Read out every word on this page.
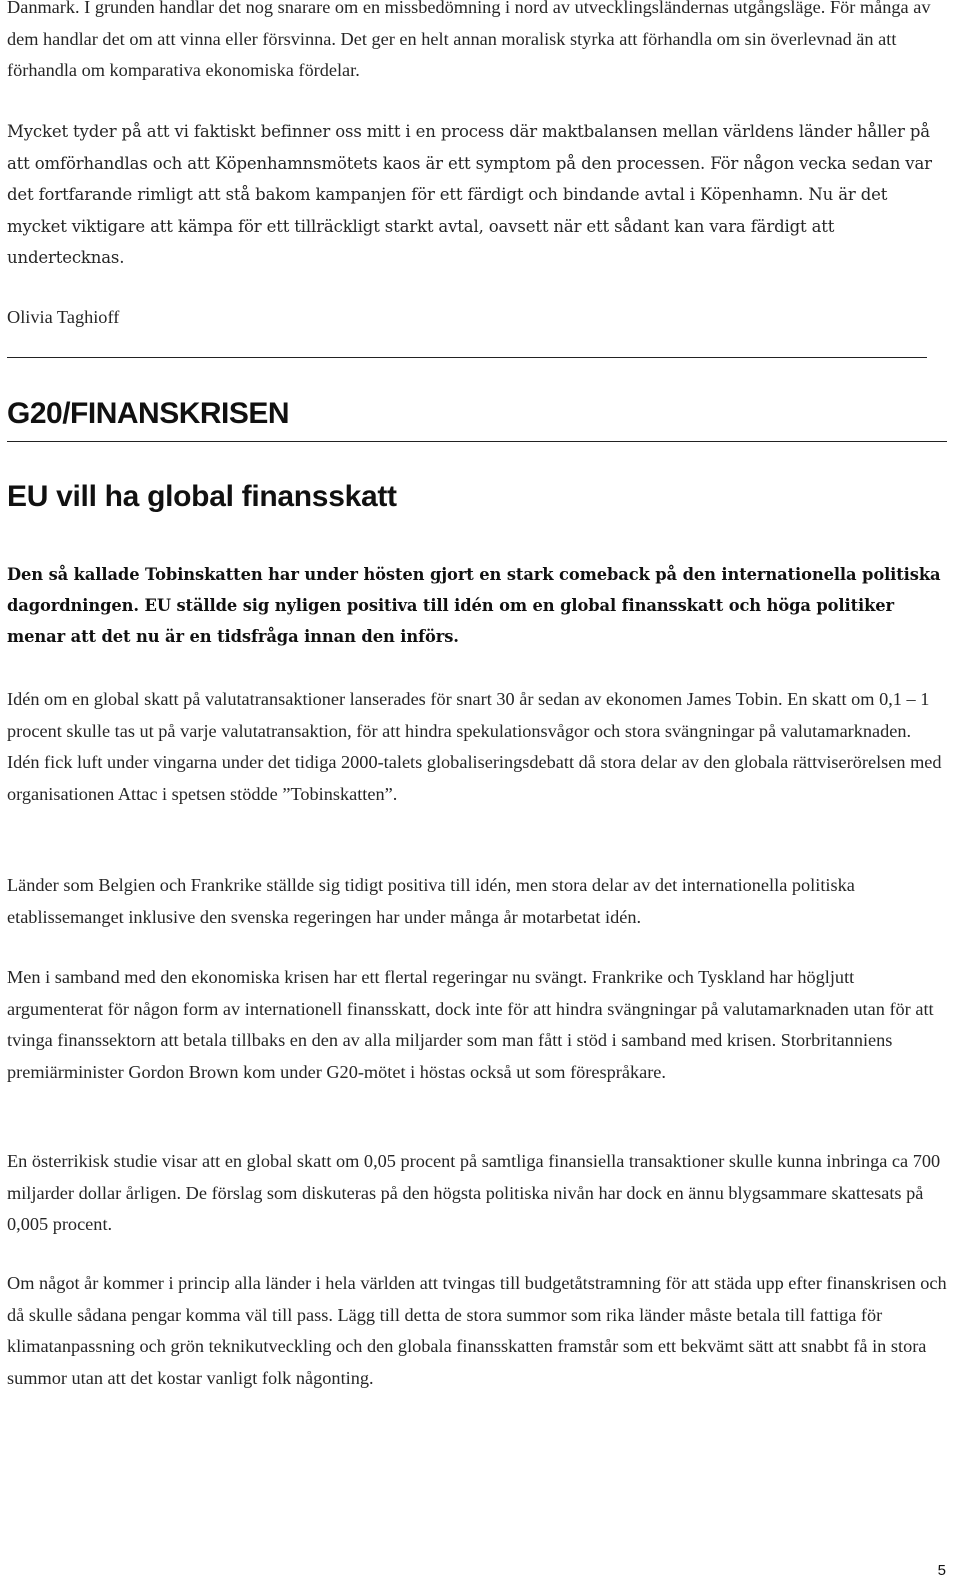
Danmark. I grunden handlar det nog snarare om en missbedömning i nord av utvecklingsländernas utgångsläge. För många av dem handlar det om att vinna eller försvinna. Det ger en helt annan moralisk styrka att förhandla om sin överlevnad än att förhandla om komparativa ekonomiska fördelar.

Mycket tyder på att vi faktiskt befinner oss mitt i en process där maktbalansen mellan världens länder håller på att omförhandlas och att Köpenhamnsmötets kaos är ett symptom på den processen. För någon vecka sedan var det fortfarande rimligt att stå bakom kampanjen för ett färdigt och bindande avtal i Köpenhamn. Nu är det mycket viktigare att kämpa för ett tillräckligt starkt avtal, oavsett när ett sådant kan vara färdigt att undertecknas.

Olivia Taghioff

G20/FINANSKRISEN
EU vill ha global finansskatt

Den så kallade Tobinskatten har under hösten gjort en stark comeback på den internationella politiska dagordningen. EU ställde sig nyligen positiva till idén om en global finansskatt och höga politiker menar att det nu är en tidsfråga innan den införs.

Idén om en global skatt på valutatransaktioner lanserades för snart 30 år sedan av ekonomen James Tobin. En skatt om 0,1 – 1 procent skulle tas ut på varje valutatransaktion, för att hindra spekulationsvågor och stora svängningar på valutamarknaden. Idén fick luft under vingarna under det tidiga 2000-talets globaliseringsdebatt då stora delar av den globala rättviserörelsen med organisationen Attac i spetsen stödde ”Tobinskatten”.

Länder som Belgien och Frankrike ställde sig tidigt positiva till idén, men stora delar av det internationella politiska etablissemanget inklusive den svenska regeringen har under många år motarbetat idén.

Men i samband med den ekonomiska krisen har ett flertal regeringar nu svängt. Frankrike och Tyskland har högljutt argumenterat för någon form av internationell finansskatt, dock inte för att hindra svängningar på valutamarknaden utan för att tvinga finanssektorn att betala tillbaks en den av alla miljarder som man fått i stöd i samband med krisen. Storbritanniens premiärminister Gordon Brown kom under G20-mötet i höstas också ut som förespråkare.

En österrikisk studie visar att en global skatt om 0,05 procent på samtliga finansiella transaktioner skulle kunna inbringa ca 700 miljarder dollar årligen. De förslag som diskuteras på den högsta politiska nivån har dock en ännu blygsammare skattesats på 0,005 procent.

Om något år kommer i princip alla länder i hela världen att tvingas till budgetåtstramning för att städa upp efter finanskrisen och då skulle sådana pengar komma väl till pass. Lägg till detta de stora summor som rika länder måste betala till fattiga för klimatanpassning och grön teknikutveckling och den globala finansskatten framstår som ett bekvämt sätt att snabbt få in stora summor utan att det kostar vanligt folk någonting.

5
